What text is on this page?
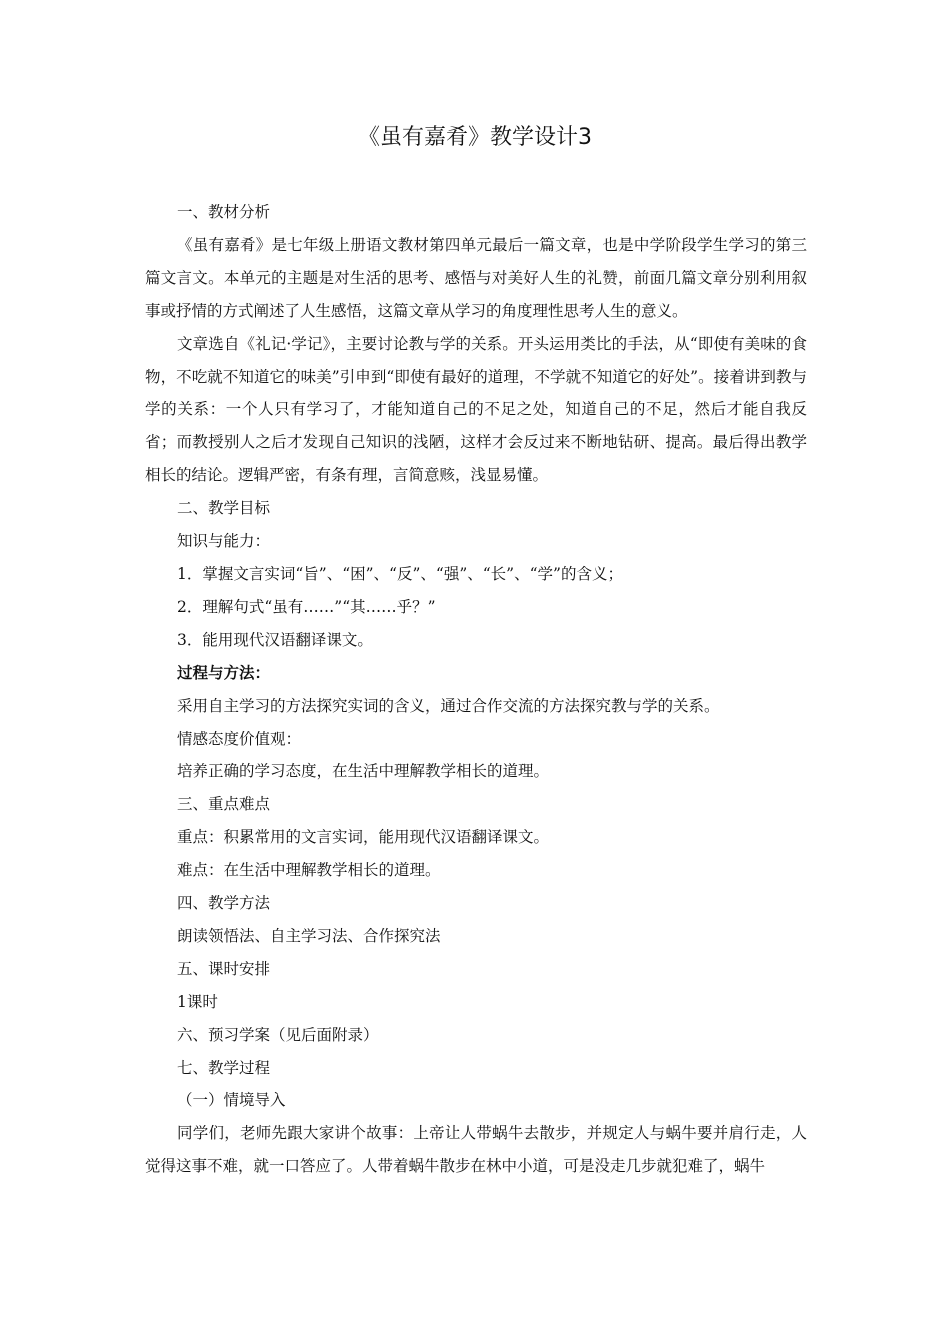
《虽有嘉肴》教学设计3

一、教材分析

《虽有嘉肴》是七年级上册语文教材第四单元最后一篇文章，也是中学阶段学生学习的第三篇文言文。本单元的主题是对生活的思考、感悟与对美好人生的礼赞，前面几篇文章分别利用叙事或抒情的方式阐述了人生感悟，这篇文章从学习的角度理性思考人生的意义。

文章选自《礼记·学记》，主要讨论教与学的关系。开头运用类比的手法，从“即使有美味的食物，不吃就不知道它的味美”引申到“即使有最好的道理，不学就不知道它的好处”。接着讲到教与学的关系：一个人只有学习了，才能知道自己的不足之处，知道自己的不足，然后才能自我反省；而教授别人之后才发现自己知识的浅陋，这样才会反过来不断地钻研、提高。最后得出教学相长的结论。逻辑严密，有条有理，言简意赅，浅显易懂。

二、教学目标

知识与能力：

1．掌握文言实词“旨”、“困”、“反”、“强”、“长”、“学”的含义；

2．理解句式“虽有……”“其……乎？”

3．能用现代汉语翻译课文。

过程与方法：

采用自主学习的方法探究实词的含义，通过合作交流的方法探究教与学的关系。

情感态度价值观：

培养正确的学习态度，在生活中理解教学相长的道理。

三、重点难点

重点：积累常用的文言实词，能用现代汉语翻译课文。

难点：在生活中理解教学相长的道理。

四、教学方法

朗读领悟法、自主学习法、合作探究法

五、课时安排

1课时

六、预习学案（见后面附录）

七、教学过程

（一）情境导入

同学们，老师先跟大家讲个故事：上帝让人带蜗牛去散步，并规定人与蜗牛要并肩行走，人觉得这事不难，就一口答应了。人带着蜗牛散步在林中小道，可是没走几步就犯难了，蜗牛
